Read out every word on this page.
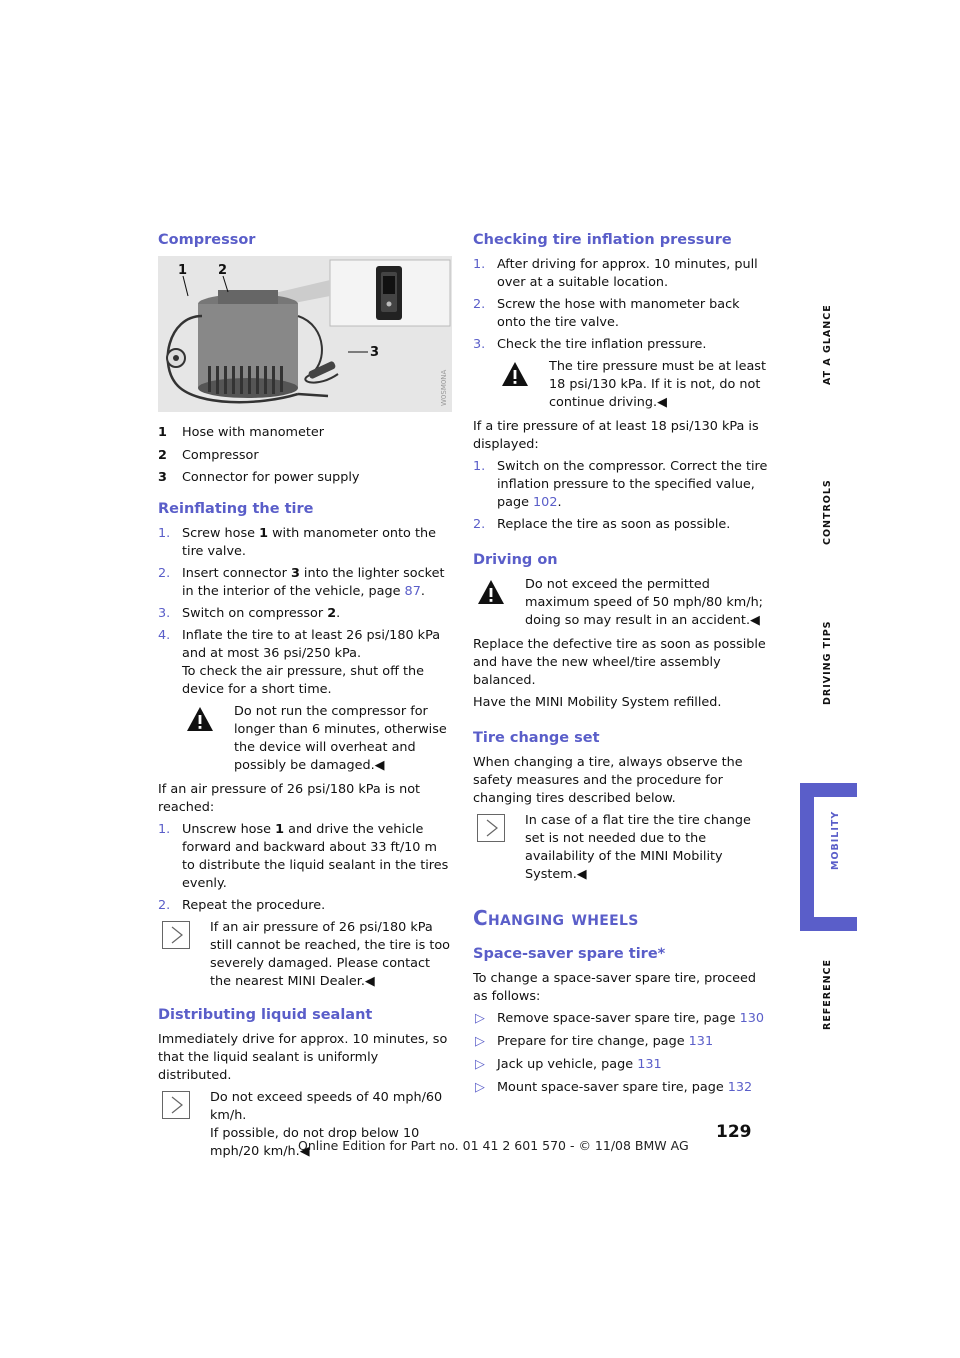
Compressor
1 2
3
W0SM0NA
1 Hose with manometer
2 Compressor
3 Connector for power supply
Reinflating the tire
1. Screw hose 1 with manometer onto the tire valve.
2. Insert connector 3 into the lighter socket in the interior of the vehicle, page 87.
3. Switch on compressor 2.
4. Inflate the tire to at least 26 psi/180 kPa and at most 36 psi/250 kPa.
To check the air pressure, shut off the device for a short time.
Do not run the compressor for longer than 6 minutes, otherwise the device will overheat and possibly be damaged.◀

If an air pressure of 26 psi/180 kPa is not reached:

1. Unscrew hose 1 and drive the vehicle forward and backward about 33 ft/10 m to distribute the liquid sealant in the tires evenly.
2. Repeat the procedure.
If an air pressure of 26 psi/180 kPa still cannot be reached, the tire is too severely damaged. Please contact the nearest MINI Dealer.◀
Distributing liquid sealant

Immediately drive for approx. 10 minutes, so that the liquid sealant is uniformly distributed.

Do not exceed speeds of 40 mph/60 km/h.
If possible, do not drop below 10 mph/20 km/h.◀
Checking tire inflation pressure
1. After driving for approx. 10 minutes, pull over at a suitable location.
2. Screw the hose with manometer back onto the tire valve.
3. Check the tire inflation pressure.
The tire pressure must be at least 18 psi/130 kPa. If it is not, do not continue driving.◀

If a tire pressure of at least 18 psi/130 kPa is displayed:

1. Switch on the compressor. Correct the tire inflation pressure to the specified value, page 102.
2. Replace the tire as soon as possible.
Driving on
Do not exceed the permitted maximum speed of 50 mph/80 km/h; doing so may result in an accident.◀

Replace the defective tire as soon as possible and have the new wheel/tire assembly balanced.

Have the MINI Mobility System refilled.

Tire change set

When changing a tire, always observe the safety measures and the procedure for changing tires described below.

In case of a flat tire the tire change set is not needed due to the availability of the MINI Mobility System.◀
Changing wheels
Space-saver spare tire*

To change a space-saver spare tire, proceed as follows:

▷ Remove space-saver spare tire, page 130
▷ Prepare for tire change, page 131
▷ Jack up vehicle, page 131
▷ Mount space-saver spare tire, page 132
AT A GLANCE
CONTROLS
DRIVING TIPS
MOBILITY
REFERENCE
129
Online Edition for Part no. 01 41 2 601 570 - © 11/08 BMW AG
